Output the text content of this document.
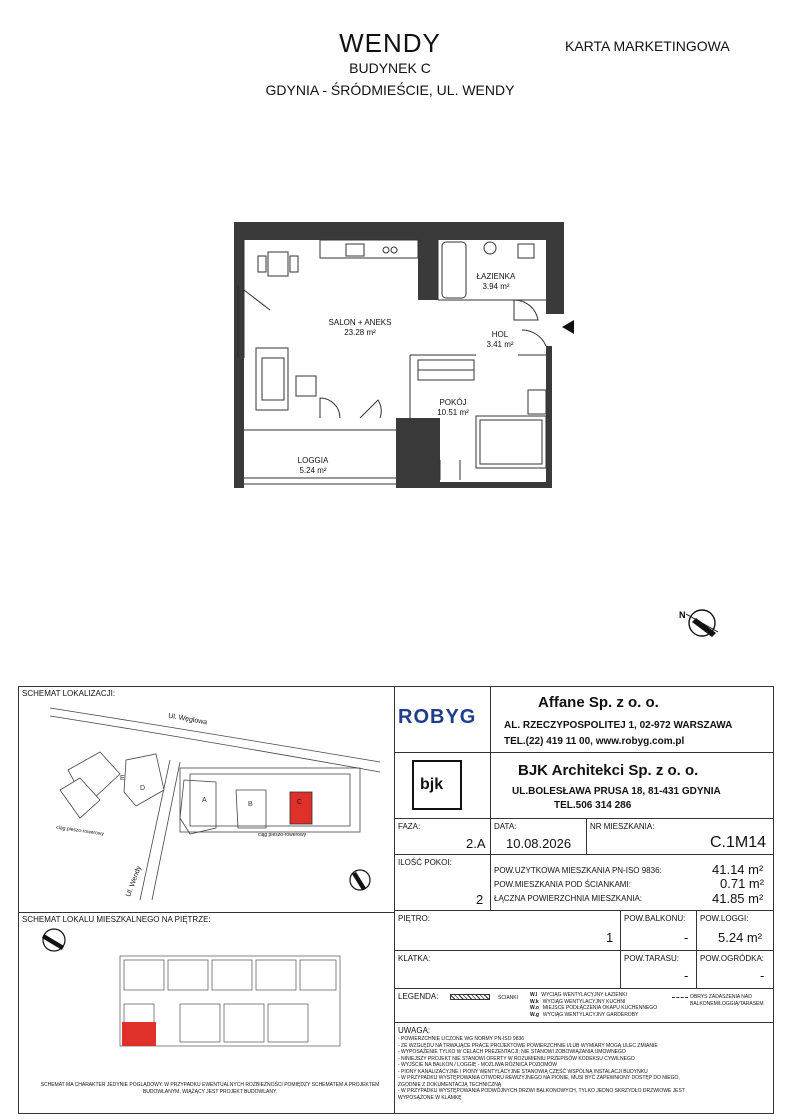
WENDY
BUDYNEK C
GDYNIA - ŚRÓDMIEŚCIE, UL. WENDY
KARTA MARKETINGOWA
N
SALON + ANEKS
23.28 m²
ŁAZIENKA
3.94 m²
HOL
3.41 m²
POKÓJ
10.51 m²
LOGGIA
5.24 m²
SCHEMAT LOKALIZACJI:
E
D
A
B	C
Ul. Węglowa
Ul. Wendy
ciąg pieszo-rowerowy	ciąg pieszo-rowerowy
SCHEMAT LOKALU MIESZKALNEGO NA PIĘTRZE:
SCHEMAT MA CHARAKTER JEDYNIE POGLĄDOWY. W PRZYPADKU EWENTUALNYCH ROZBIEŻNOŚCI POMIĘDZY SCHEMATEM A PROJEKTEM BUDOWLANYM, WIĄŻĄCY JEST PROJEKT BUDOWLANY.
ROBYG
Affane Sp. z o. o.
AL. RZECZYPOSPOLITEJ 1, 02-972 WARSZAWA
TEL.(22) 419 11 00, www.robyg.com.pl
bjk
BJK Architekci Sp. z o. o.
UL.BOLESŁAWA PRUSA 18, 81-431 GDYNIA
TEL.506 314 286
FAZA:
2.A
DATA:
10.08.2026
NR MIESZKANIA:
C.1M14
ILOŚĆ POKOI:
2
POW.UŻYTKOWA MIESZKANIA PN-ISO 9836:	41.14 m²
POW.MIESZKANIA POD ŚCIANKAMI:	0.71 m²
ŁĄCZNA POWIERZCHNIA MIESZKANIA:	41.85 m²
PIĘTRO:
1
POW.BALKONU:
-
POW.LOGGI:
5.24 m²
KLATKA:	POW.TARASU:
-
POW.OGRÓDKA:
-
LEGENDA:	ŚCIANKI W.l WYCIĄG WENTYLACYJNY ŁAZIENKI
W.k WYCIĄG WENTYLACYJNY KUCHNI
W.o MIEJSCE PODŁĄCZENIA OKAPU KUCHENNEGO
W.g WYCIĄG WENTYLACYJNY GARDEROBY
OBRYS ZADASZENIA NAD BALKONEM/LOGGIĄ/TARASEM
UWAGA:
- POWIERZCHNIE LICZONE WG NORMY PN-ISO 9836
- ZE WZGLĘDU NA TRWAJĄCE PRACE PROJEKTOWE POWIERZCHNIE I/LUB WYMIARY MOGĄ ULEC ZMIANIE
- WYPOSAŻENIE TYLKO W CELACH PREZENTACJI; NIE STANOWI ZOBOWIĄZANIA UMOWNEGO
- NINIEJSZY PROJEKT NIE STANOWI OFERTY W ROZUMIENIU PRZEPISÓW KODEKSU CYWILNEGO
- WYJŚCIE NA BALKON / LOGGIĘ - MOŻLIWA RÓŻNICA POZIOMÓW
- PIONY KANALIZACYJNE I PIONY WENTYLACYJNE STANOWIĄ CZĘŚĆ WSPÓLNĄ INSTALACJI BUDYNKU
- W PRZYPADKU WYSTĘPOWANIA OTWORU REWIZYJNEGO NA PIONIE, MUSI BYĆ ZAPEWNIONY DOSTĘP DO NIEGO, ZGODNIE Z DOKUMENTACJĄ TECHNICZNĄ
- W PRZYPADKU WYSTĘPOWANIA PODWÓJNYCH DRZWI BALKONOWYCH, TYLKO JEDNO SKRZYDŁO DRZWIOWE JEST WYPOSAŻONE W KLAMKĘ
